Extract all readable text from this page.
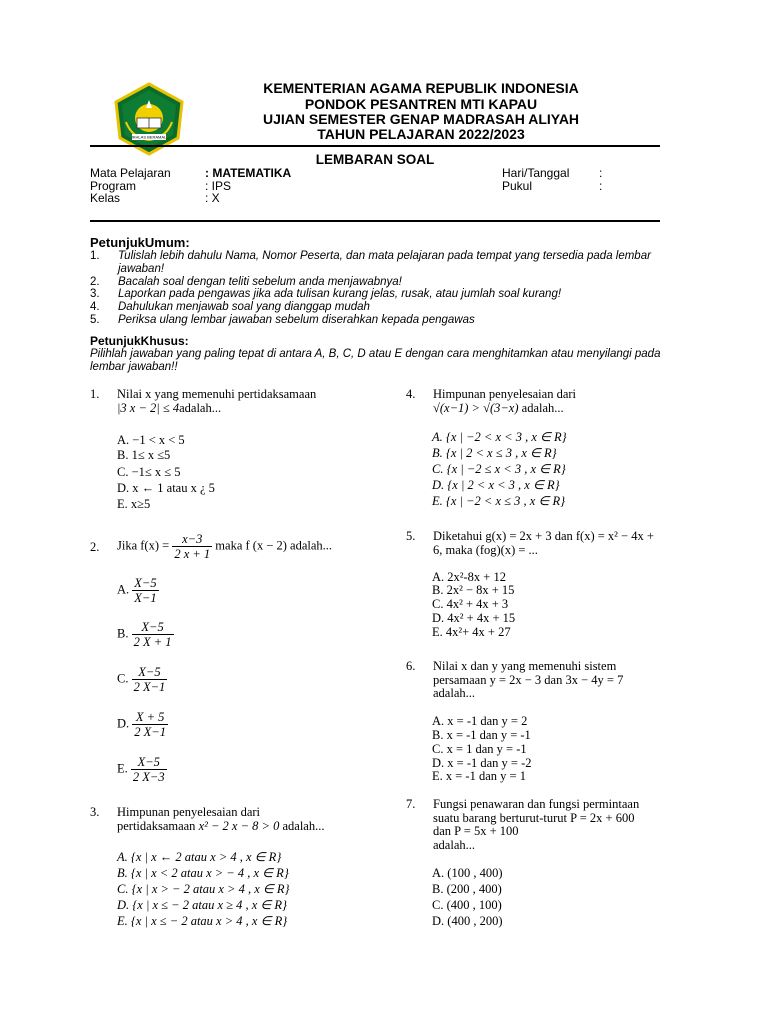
IKHLAS BERAMAL
KEMENTERIAN AGAMA REPUBLIK INDONESIA
PONDOK PESANTREN MTI KAPAU
UJIAN SEMESTER GENAP MADRASAH ALIYAH
TAHUN PELAJARAN 2022/2023
LEMBARAN SOAL
Mata Pelajaran	: MATEMATIKA
Program	: IPS
Kelas	: X
Hari/Tanggal :
Pukul	:
PetunjukUmum:
1. Tulislah lebih dahulu Nama, Nomor Peserta, dan mata pelajaran pada tempat yang tersedia pada lembar jawaban!
2. Bacalah soal dengan teliti sebelum anda menjawabnya!
3. Laporkan pada pengawas jika ada tulisan kurang jelas, rusak, atau jumlah soal kurang!
4. Dahulukan menjawab soal yang dianggap mudah
5. Periksa ulang lembar jawaban sebelum diserahkan kepada pengawas
PetunjukKhusus:
Pilihlah jawaban yang paling tepat di antara A, B, C, D atau E dengan cara menghitamkan atau menyilangi pada lembar jawaban!!
1. Nilai x yang memenuhi pertidaksamaan
|3 x − 2| ≤ 4adalah...
A. −1 < x < 5
B. 1≤ x ≤5
C. −1≤ x ≤ 5
D. x ← 1 atau x ¿ 5
E. x≥5
2. Jika $f(x) = \frac{x-3}{2 x + 1}$ maka f (x − 2) adalah...
A. $\frac{X-5}{X-1}$
B. $\frac{X-5}{2 X + 1}$
C. $\frac{X-5}{2 X-1}$
D. $\frac{X + 5}{2 X-1}$
E. $\frac{X-5}{2 X-3}$
3. Himpunan penyelesaian dari
pertidaksamaan x² − 2 x − 8 > 0 adalah...
A. {x | x ← 2 atau x > 4 , x ∈ R}
B. {x | x < 2 atau x > − 4 , x ∈ R}
C. {x | x > − 2 atau x > 4 , x ∈ R}
D. {x | x ≤ − 2 atau x ≥ 4 , x ∈ R}
E. {x | x ≤ − 2 atau x > 4 , x ∈ R}
4. Himpunan penyelesaian dari
√(x−1) > √(3−x) adalah...
A. {x | −2 < x < 3 , x ∈ R}
B. {x | 2 < x ≤ 3 , x ∈ R}
C. {x | −2 ≤ x < 3 , x ∈ R}
D. {x | 2 < x < 3 , x ∈ R}
E. {x | −2 < x ≤ 3 , x ∈ R}
5. Diketahui g(x) = 2x + 3 dan f(x) = x² − 4x +
6, maka (fog)(x) = ...
A. 2x²-8x + 12
B. 2x² − 8x + 15
C. 4x² + 4x + 3
D. 4x² + 4x + 15
E. 4x²+ 4x + 27
6. Nilai x dan y yang memenuhi sistem
persamaan y = 2x − 3 dan 3x − 4y = 7
adalah...
A. x = -1 dan y = 2
B. x = -1 dan y = -1
C. x = 1 dan y = -1
D. x = -1 dan y = -2
E. x = -1 dan y = 1
7. Fungsi penawaran dan fungsi permintaan
suatu barang berturut-turut P = 2x + 600
dan P = 5x + 100
adalah...
A. (100 , 400)
B. (200 , 400)
C. (400 , 100)
D. (400 , 200)
